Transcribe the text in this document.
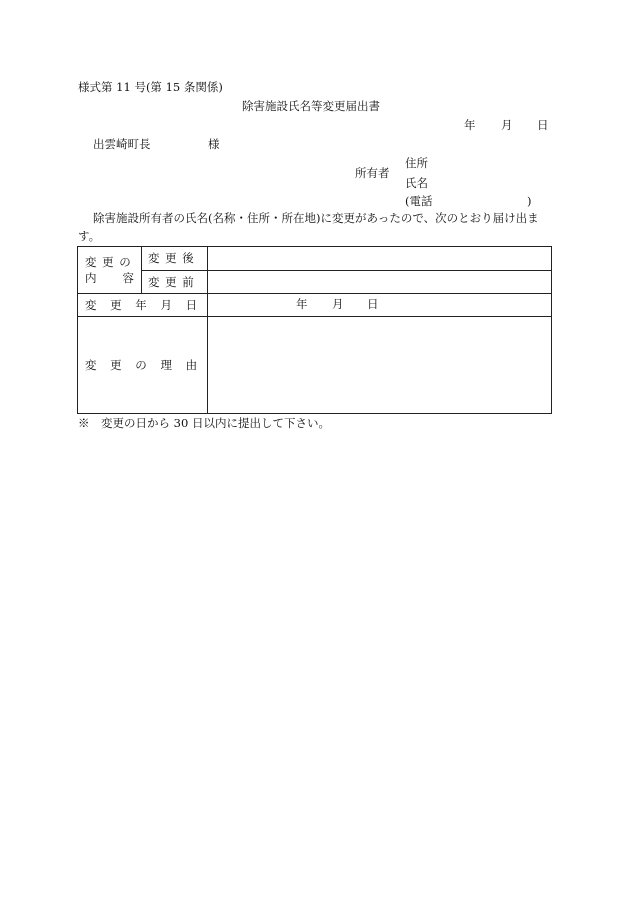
様式第 11 号(第 15 条関係)
除害施設氏名等変更届出書
年 月 日
出雲崎町長	様
所有者
住所
氏名
(電話	)
除害施設所有者の氏名(名称・住所・所在地)に変更があったので、次のとおり届け出ま
す。
変 更 の
内　　容	変 更 後	
	変 更 前	
変 更 年 月 日		年 月 日

変 更 の 理 由		
※　変更の日から 30 日以内に提出して下さい。
